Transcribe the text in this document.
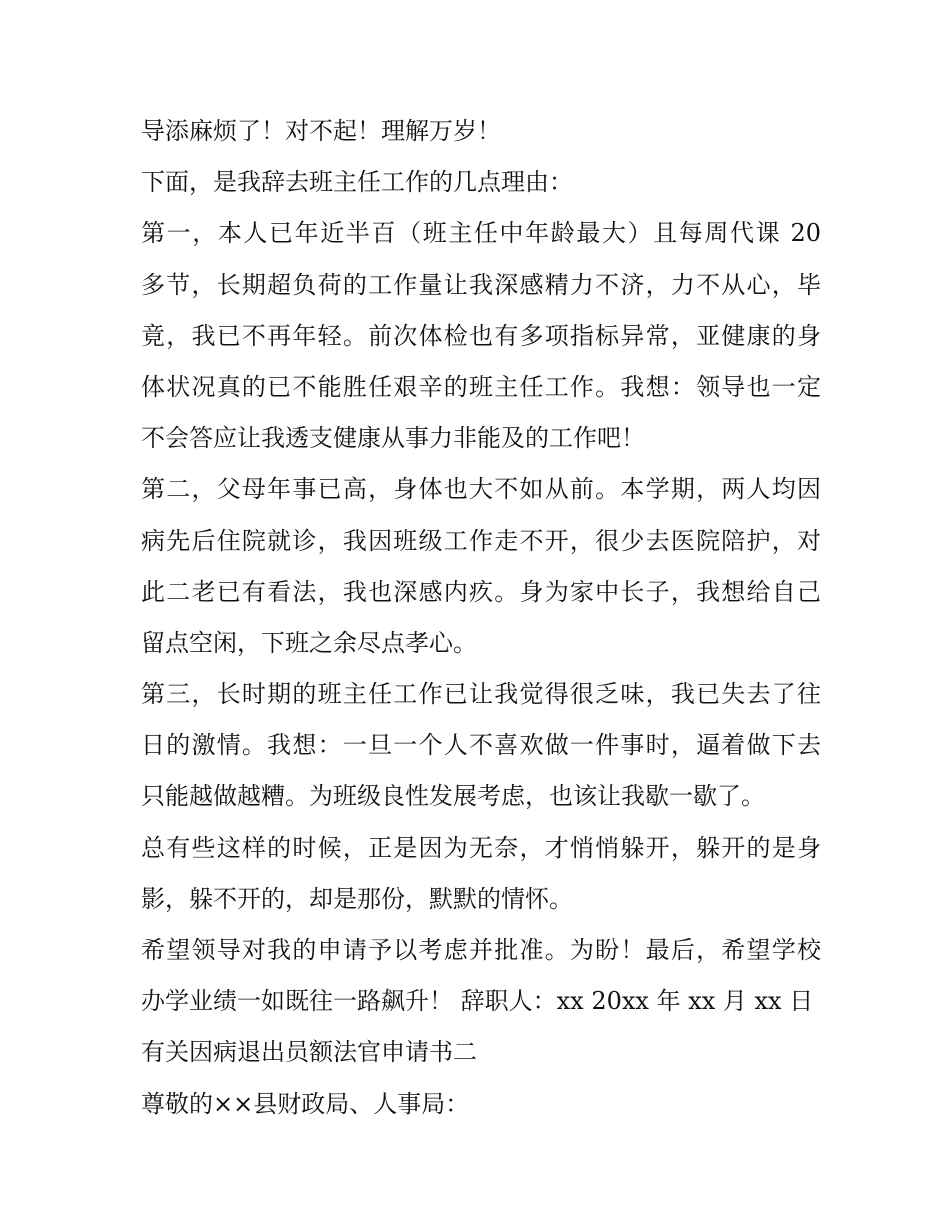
导添麻烦了！对不起！理解万岁！
下面，是我辞去班主任工作的几点理由：
第一，本人已年近半百（班主任中年龄最大）且每周代课 20
多节，长期超负荷的工作量让我深感精力不济，力不从心，毕
竟，我已不再年轻。前次体检也有多项指标异常，亚健康的身
体状况真的已不能胜任艰辛的班主任工作。我想：领导也一定
不会答应让我透支健康从事力非能及的工作吧！
第二，父母年事已高，身体也大不如从前。本学期，两人均因
病先后住院就诊，我因班级工作走不开，很少去医院陪护，对
此二老已有看法，我也深感内疚。身为家中长子，我想给自己
留点空闲，下班之余尽点孝心。
第三，长时期的班主任工作已让我觉得很乏味，我已失去了往
日的激情。我想：一旦一个人不喜欢做一件事时，逼着做下去
只能越做越糟。为班级良性发展考虑，也该让我歇一歇了。
总有些这样的时候，正是因为无奈，才悄悄躲开，躲开的是身
影，躲不开的，却是那份，默默的情怀。
希望领导对我的申请予以考虑并批准。为盼！最后，希望学校
办学业绩一如既往一路飙升！ 辞职人：xx 20xx 年 xx 月 xx 日
有关因病退出员额法官申请书二
尊敬的××县财政局、人事局：
